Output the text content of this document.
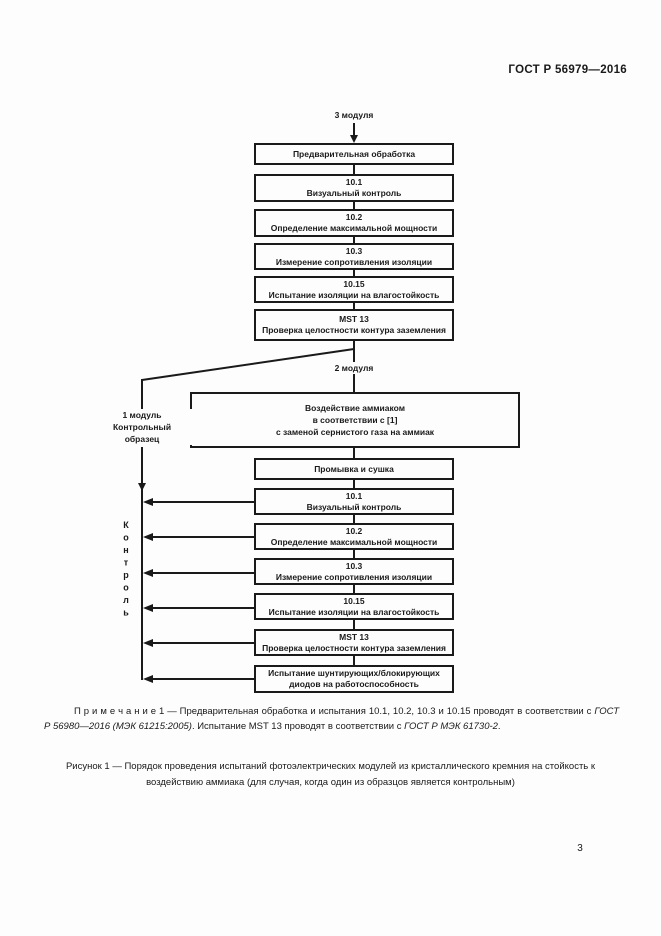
ГОСТ Р 56979—2016
3 модуля
Предварительная обработка
10.1
Визуальный контроль
10.2
Определение максимальной мощности
10.3
Измерение сопротивления изоляции
10.15
Испытание изоляции на влагостойкость
MST 13
Проверка целостности контура заземления
2 модуля
1 модуль
Контрольный
образец
Воздействие аммиаком
в соответствии с [1]
с заменой сернистого газа на аммиак
Промывка и сушка
10.1
Визуальный контроль
10.2
Определение максимальной мощности
10.3
Измерение сопротивления изоляции
10.15
Испытание изоляции на влагостойкость
MST 13
Проверка целостности контура заземления
Испытание шунтирующих/блокирующих диодов на работоспособность
Контроль

П р и м е ч а н и е 1 — Предварительная обработка и испытания 10.1, 10.2, 10.3 и 10.15 проводят в соответствии с ГОСТ Р 56980—2016 (МЭК 61215:2005). Испытание MST 13 проводят в соответствии с ГОСТ Р МЭК 61730-2.

Рисунок 1 — Порядок проведения испытаний фотоэлектрических модулей из кристаллического кремния на стойкость к воздействию аммиака (для случая, когда один из образцов является контрольным)

3
